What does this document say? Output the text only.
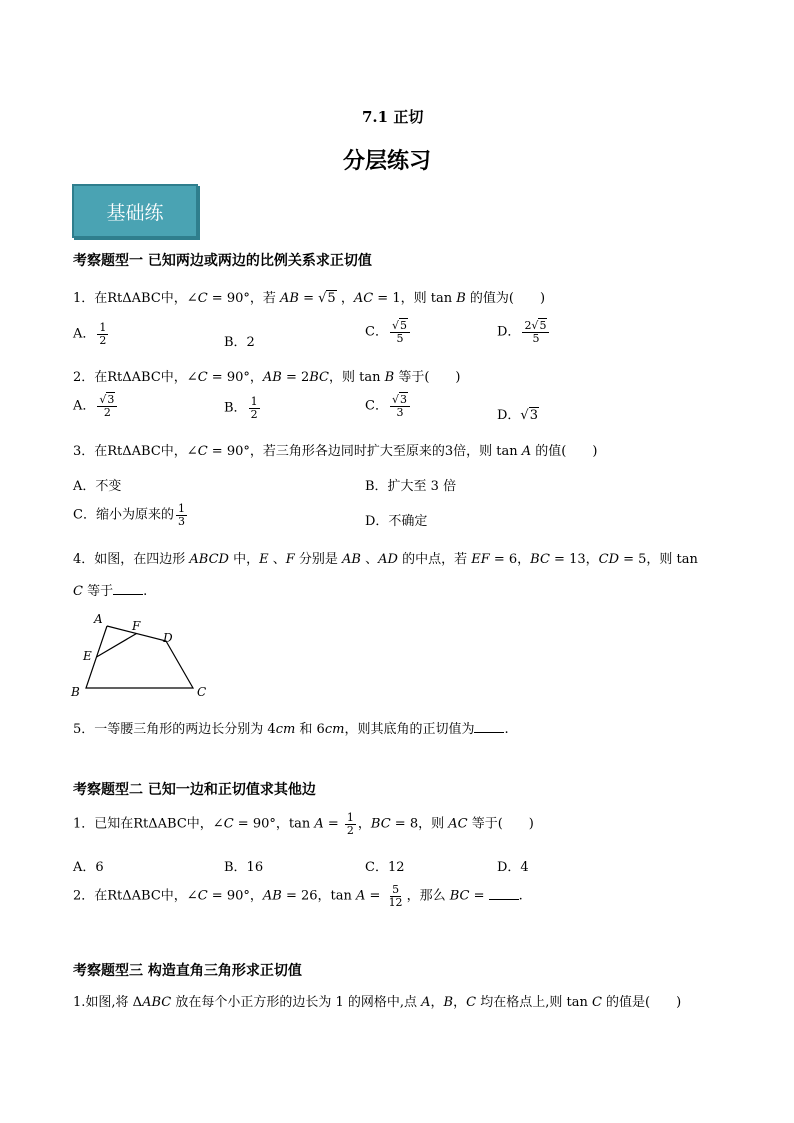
7.1 正切
分层练习
基础练
考察题型一 已知两边或两边的比例关系求正切值
1．在RtΔABC中，∠C = 90°，若 AB = √5 ，AC = 1，则 tan B 的值为(　　)
A． $\frac{1}{2}$	B．2
C． $\frac{√5}{5}$	D． $\frac{2√5}{5}$
2．在RtΔABC中，∠C = 90°，AB = 2BC，则 tan B 等于(　　)
A． $\frac{√3}{2}$	B． $\frac{1}{2}$	C． $\frac{√3}{3}$	D．√3
3．在RtΔABC中，∠C = 90°，若三角形各边同时扩大至原来的3倍，则 tan A 的值(　　)
A．不变	B．扩大至 3 倍
C．缩小为原来的 $\frac{1}{3}$	D．不确定
4．如图，在四边形 ABCD 中，E 、F 分别是 AB 、AD 的中点，若 EF = 6，BC = 13，CD = 5，则 tan
C 等于 .
A F
D
E
B	C
5．一等腰三角形的两边长分别为 4cm 和 6cm，则其底角的正切值为 .
考察题型二 已知一边和正切值求其他边
1．已知在RtΔABC中，∠C = 90°，$\tan A = \frac{1}{2}$ ，BC = 8，则 AC 等于(　　)
A．6	B．16	C．12	D．4
2．在RtΔABC中，∠C = 90°，AB = 26，$\tan A = \frac{5}{12}$ ，那么 BC = .
考察题型三 构造直角三角形求正切值
1.如图,将 ΔABC 放在每个小正方形的边长为 1 的网格中,点 A，B，C 均在格点上,则 tan C 的值是(　　)
